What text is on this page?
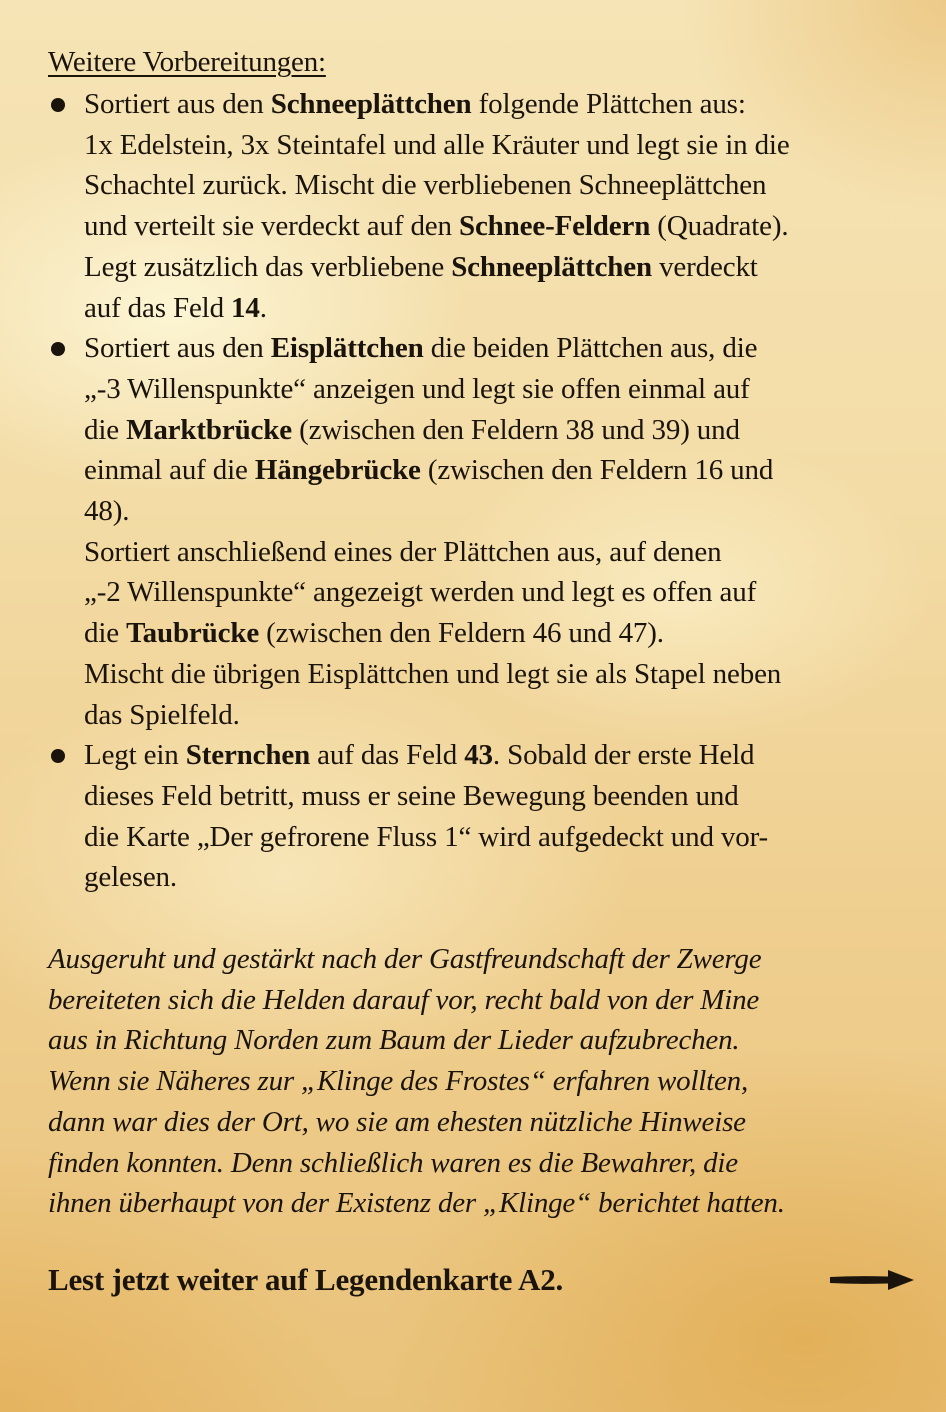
Weitere Vorbereitungen:
Sortiert aus den Schneeplättchen folgende Plättchen aus:
1x Edelstein, 3x Steintafel und alle Kräuter und legt sie in die
Schachtel zurück. Mischt die verbliebenen Schneeplättchen
und verteilt sie verdeckt auf den Schnee-Feldern (Quadrate).
Legt zusätzlich das verbliebene Schneeplättchen verdeckt
auf das Feld 14.
Sortiert aus den Eisplättchen die beiden Plättchen aus, die
„-3 Willenspunkte“ anzeigen und legt sie offen einmal auf
die Marktbrücke (zwischen den Feldern 38 und 39) und
einmal auf die Hängebrücke (zwischen den Feldern 16 und
48).
Sortiert anschließend eines der Plättchen aus, auf denen
„-2 Willenspunkte“ angezeigt werden und legt es offen auf
die Taubrücke (zwischen den Feldern 46 und 47).
Mischt die übrigen Eisplättchen und legt sie als Stapel neben
das Spielfeld.
Legt ein Sternchen auf das Feld 43. Sobald der erste Held
dieses Feld betritt, muss er seine Bewegung beenden und
die Karte „Der gefrorene Fluss 1“ wird aufgedeckt und vor-
gelesen.
Ausgeruht und gestärkt nach der Gastfreundschaft der Zwerge
bereiteten sich die Helden darauf vor, recht bald von der Mine
aus in Richtung Norden zum Baum der Lieder aufzubrechen.
Wenn sie Näheres zur „Klinge des Frostes“ erfahren wollten,
dann war dies der Ort, wo sie am ehesten nützliche Hinweise
finden konnten. Denn schließlich waren es die Bewahrer, die
ihnen überhaupt von der Existenz der „Klinge“ berichtet hatten.

Lest jetzt weiter auf Legendenkarte A2.
